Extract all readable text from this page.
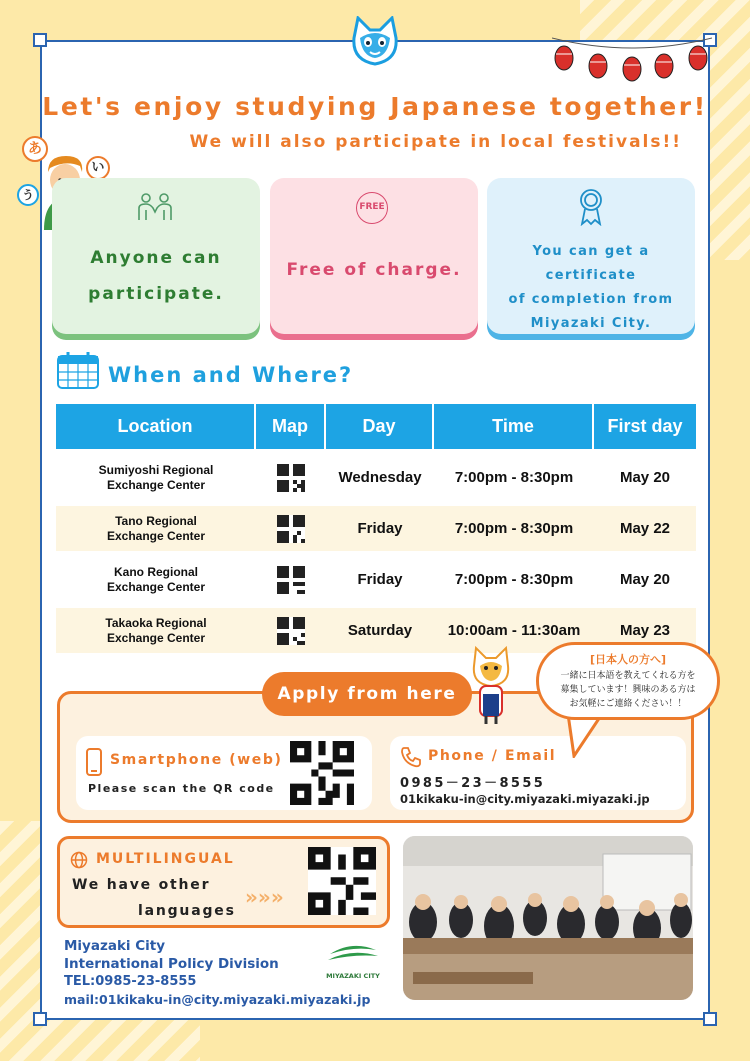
Let's enjoy studying Japanese together!
We will also participate in local festivals!!
あ
い
う
Anyone can
participate.
FREE
Free of charge.
You can get a certificate
of completion from
Miyazaki City.
When and Where?
Location	Map	Day	Time	First day

Sumiyoshi Regional
Exchange Center		Wednesday	7:00pm - 8:30pm	May 20

Tano Regional
Exchange Center		Friday	7:00pm - 8:30pm	May 22

Kano Regional
Exchange Center		Friday	7:00pm - 8:30pm	May 20

Takaoka Regional
Exchange Center		Saturday	10:00am - 11:30am	May 23
Smartphone (web)
Please scan the QR code
Phone / Email
0985－23－8555
01kikaku-in@city.miyazaki.miyazaki.jp
Apply from here
[日本人の方へ]
一緒に日本語を教えてくれる方を
募集しています！興味のある方は
お気軽にご連絡ください！！
MULTILINGUAL
We have other
languages
»»»
Miyazaki City
International Policy Division
TEL:0985-23-8555
mail:01kikaku-in@city.miyazaki.miyazaki.jp
MIYAZAKI CITY
